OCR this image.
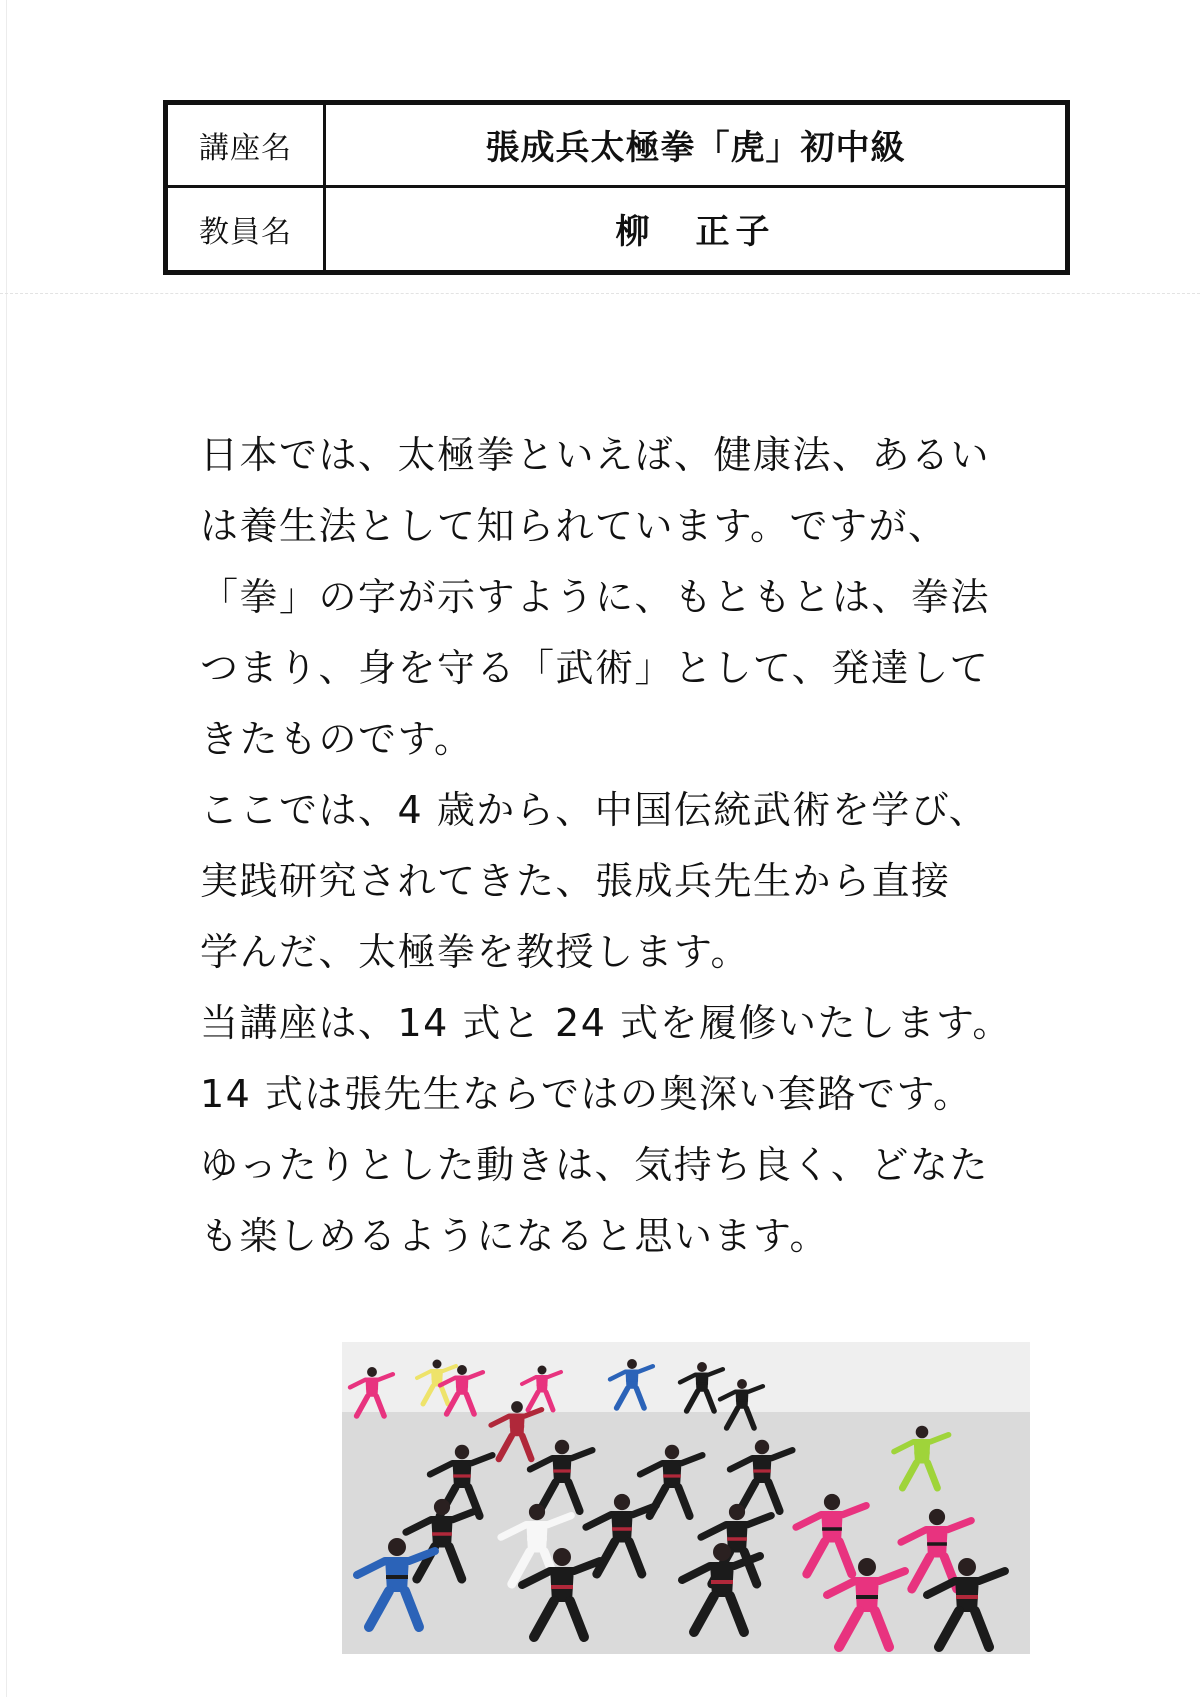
講座名	張成兵太極拳「虎」初中級
教員名	柳　正子
日本では、太極拳といえば、健康法、あるい
は養生法として知られています。ですが、
「拳」の字が示すように、もともとは、拳法
つまり、身を守る「武術」として、発達して
きたものです。
ここでは、4 歳から、中国伝統武術を学び、
実践研究されてきた、張成兵先生から直接
学んだ、太極拳を教授します。
当講座は、14 式と 24 式を履修いたします。
14 式は張先生ならではの奥深い套路です。
ゆったりとした動きは、気持ち良く、どなた
も楽しめるようになると思います。
